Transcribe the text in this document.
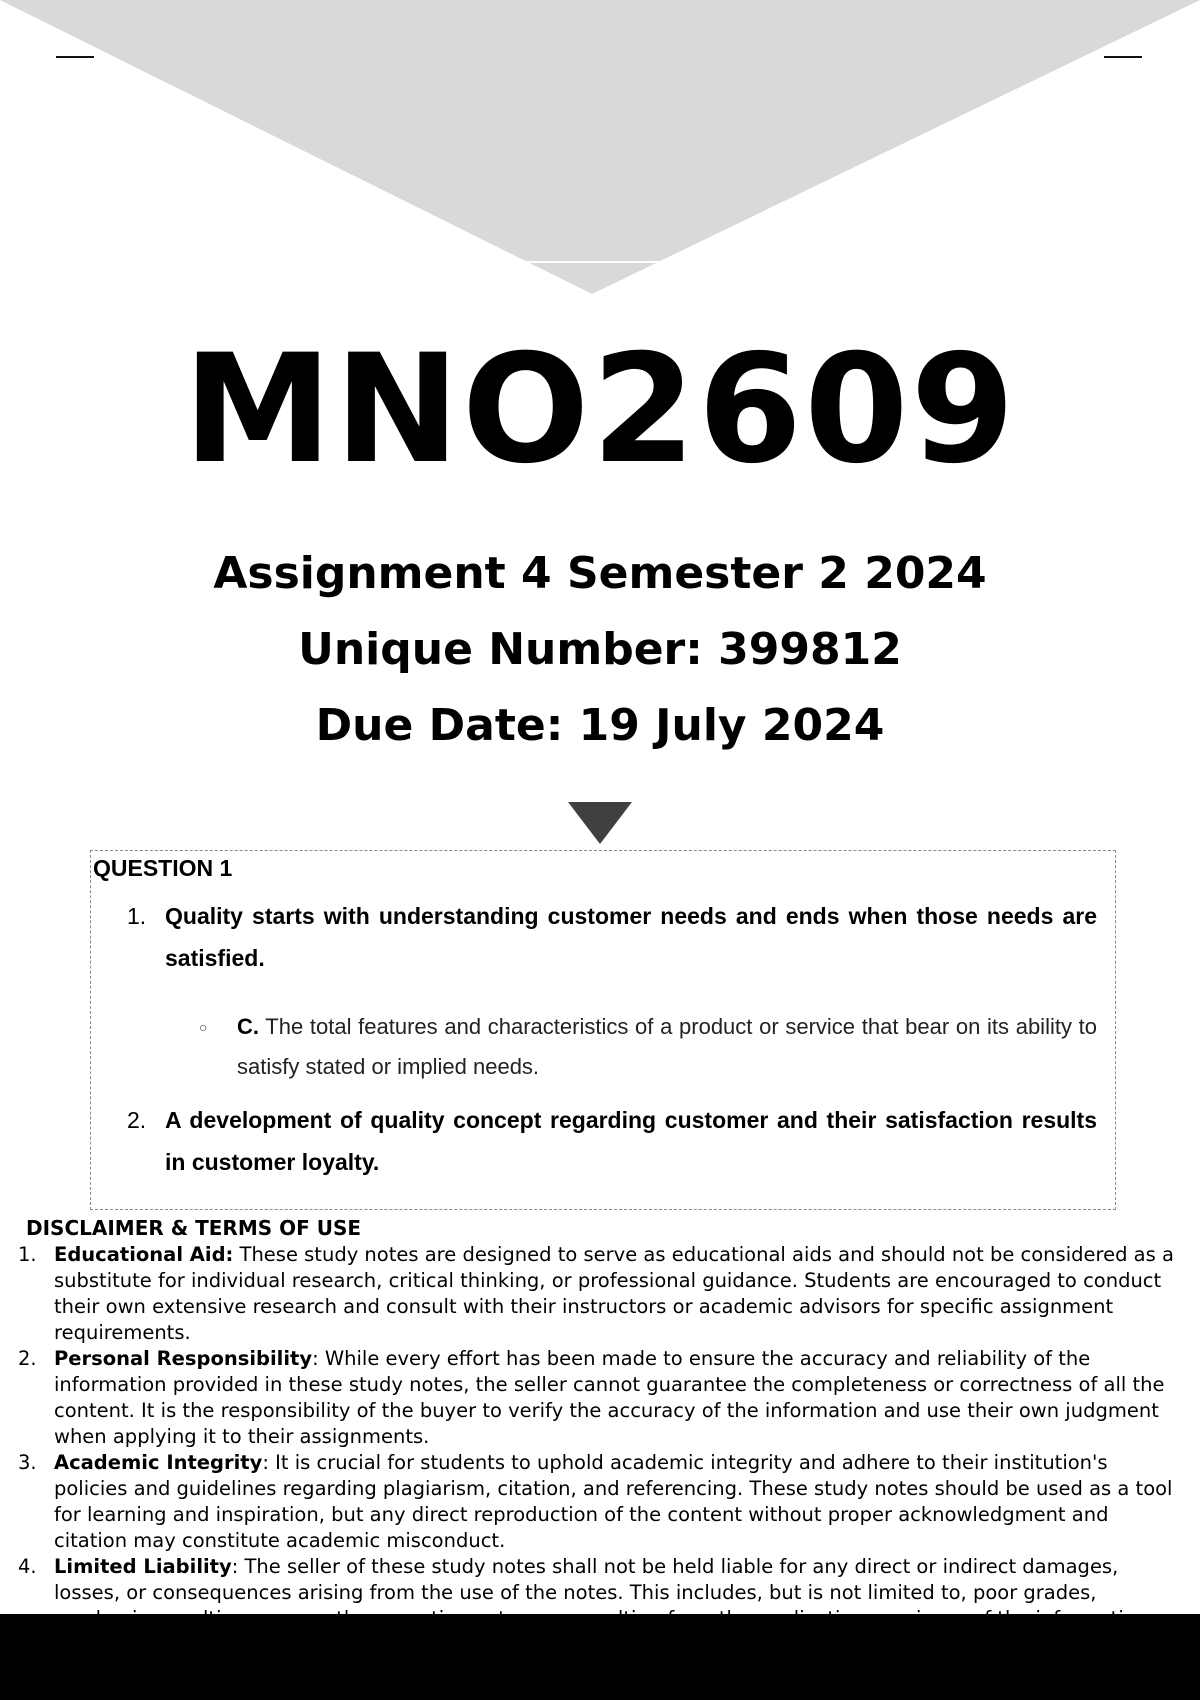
MNO2609
Assignment 4 Semester 2 2024
Unique Number: 399812
Due Date: 19 July 2024
QUESTION 1
1. Quality starts with understanding customer needs and ends when those needs are satisfied.
○ C. The total features and characteristics of a product or service that bear on its ability to satisfy stated or implied needs.
2. A development of quality concept regarding customer and their satisfaction results in customer loyalty.
DISCLAIMER & TERMS OF USE
1. Educational Aid: These study notes are designed to serve as educational aids and should not be considered as a substitute for individual research, critical thinking, or professional guidance. Students are encouraged to conduct their own extensive research and consult with their instructors or academic advisors for specific assignment requirements.
2. Personal Responsibility: While every effort has been made to ensure the accuracy and reliability of the information provided in these study notes, the seller cannot guarantee the completeness or correctness of all the content. It is the responsibility of the buyer to verify the accuracy of the information and use their own judgment when applying it to their assignments.
3. Academic Integrity: It is crucial for students to uphold academic integrity and adhere to their institution's policies and guidelines regarding plagiarism, citation, and referencing. These study notes should be used as a tool for learning and inspiration, but any direct reproduction of the content without proper acknowledgment and citation may constitute academic misconduct.
4. Limited Liability: The seller of these study notes shall not be held liable for any direct or indirect damages, losses, or consequences arising from the use of the notes. This includes, but is not limited to, poor grades,
